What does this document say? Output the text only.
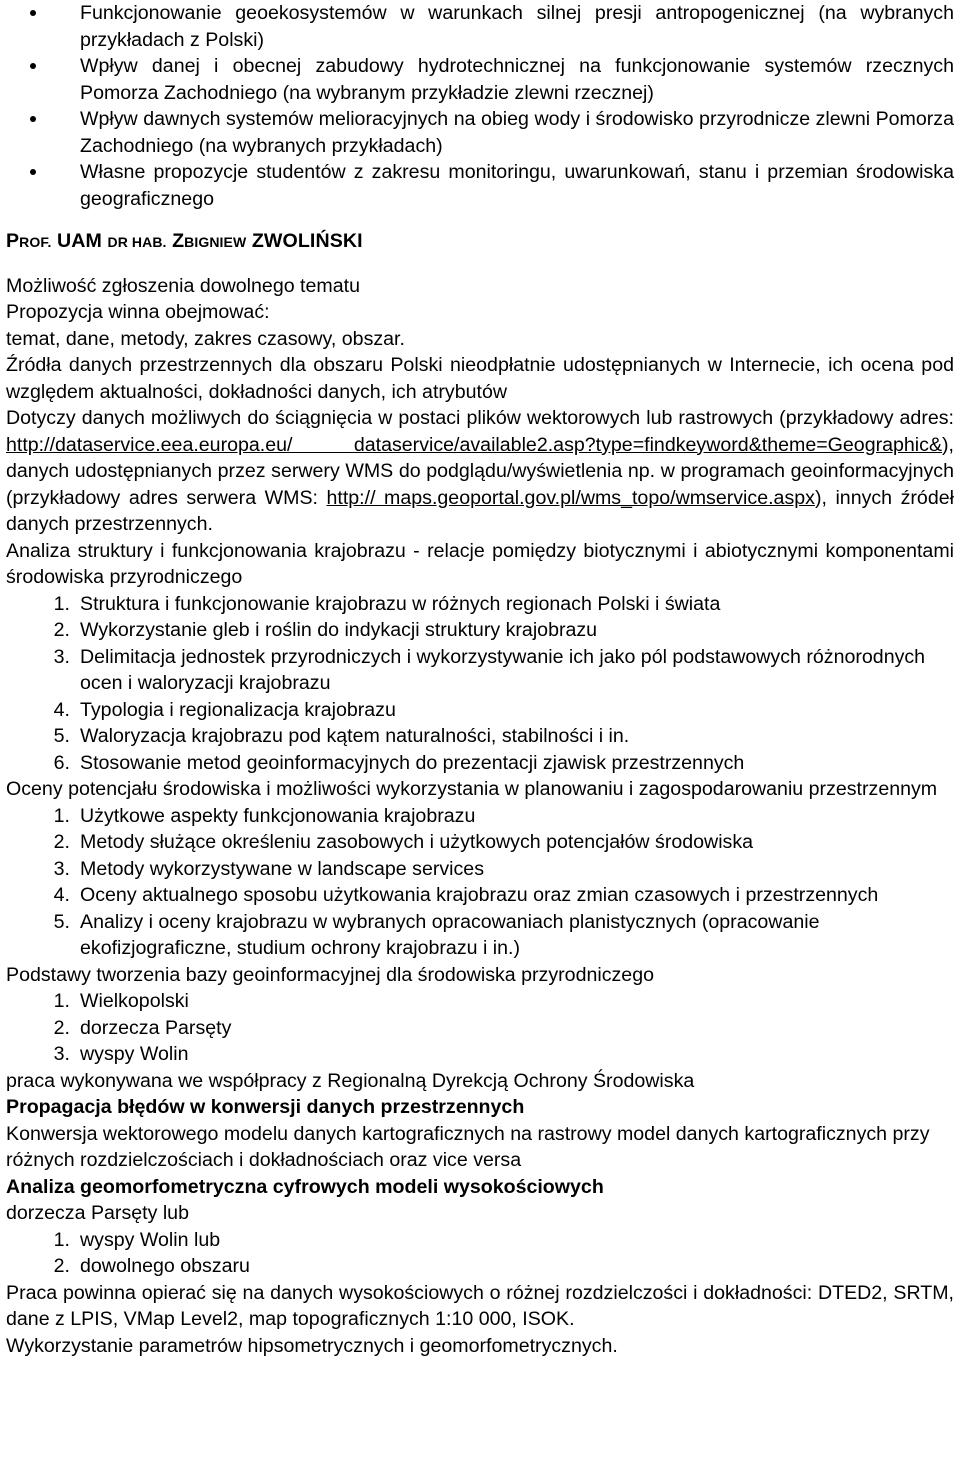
Funkcjonowanie geoekosystemów w warunkach silnej presji antropogenicznej (na wybranych przykładach z Polski)
Wpływ danej i obecnej zabudowy hydrotechnicznej na funkcjonowanie systemów rzecznych Pomorza Zachodniego (na wybranym przykładzie zlewni rzecznej)
Wpływ dawnych systemów melioracyjnych na obieg wody i środowisko przyrodnicze zlewni Pomorza Zachodniego (na wybranych przykładach)
Własne propozycje studentów z zakresu monitoringu, uwarunkowań, stanu i przemian środowiska geograficznego

PROF. UAM DR HAB. ZBIGNIEW ZWOLIŃSKI

Możliwość zgłoszenia dowolnego tematu

Propozycja winna obejmować:

temat, dane, metody, zakres czasowy, obszar.

Źródła danych przestrzennych dla obszaru Polski nieodpłatnie udostępnianych w Internecie, ich ocena pod względem aktualności, dokładności danych, ich atrybutów

Dotyczy danych możliwych do ściągnięcia w postaci plików wektorowych lub rastrowych (przykładowy adres: http://dataservice.eea.europa.eu/ dataservice/available2.asp?type=findkeyword&theme=Geographic&), danych udostępnianych przez serwery WMS do podglądu/wyświetlenia np. w programach geoinformacyjnych (przykładowy adres serwera WMS: http:// maps.geoportal.gov.pl/wms_topo/wmservice.aspx), innych źródeł danych przestrzennych.

Analiza struktury i funkcjonowania krajobrazu - relacje pomiędzy biotycznymi i abiotycznymi komponentami środowiska przyrodniczego

1. Struktura i funkcjonowanie krajobrazu w różnych regionach Polski i świata
2. Wykorzystanie gleb i roślin do indykacji struktury krajobrazu
3. Delimitacja jednostek przyrodniczych i wykorzystywanie ich jako pól podstawowych różnorodnych ocen i waloryzacji krajobrazu
4. Typologia i regionalizacja krajobrazu
5. Waloryzacja krajobrazu pod kątem naturalności, stabilności i in.
6. Stosowanie metod geoinformacyjnych do prezentacji zjawisk przestrzennych

Oceny potencjału środowiska i możliwości wykorzystania w planowaniu i zagospodarowaniu przestrzennym

1. Użytkowe aspekty funkcjonowania krajobrazu
2. Metody służące określeniu zasobowych i użytkowych potencjałów środowiska
3. Metody wykorzystywane w landscape services
4. Oceny aktualnego sposobu użytkowania krajobrazu oraz zmian czasowych i przestrzennych
5. Analizy i oceny krajobrazu w wybranych opracowaniach planistycznych (opracowanie ekofizjograficzne, studium ochrony krajobrazu i in.)

Podstawy tworzenia bazy geoinformacyjnej dla środowiska przyrodniczego

1. Wielkopolski
2. dorzecza Parsęty
3. wyspy Wolin

praca wykonywana we współpracy z Regionalną Dyrekcją Ochrony Środowiska

Propagacja błędów w konwersji danych przestrzennych

Konwersja wektorowego modelu danych kartograficznych na rastrowy model danych kartograficznych przy różnych rozdzielczościach i dokładnościach oraz vice versa

Analiza geomorfometryczna cyfrowych modeli wysokościowych

dorzecza Parsęty lub

1. wyspy Wolin lub
2. dowolnego obszaru

Praca powinna opierać się na danych wysokościowych o różnej rozdzielczości i dokładności: DTED2, SRTM, dane z LPIS, VMap Level2, map topograficznych 1:10 000, ISOK.

Wykorzystanie parametrów hipsometrycznych i geomorfometrycznych.
